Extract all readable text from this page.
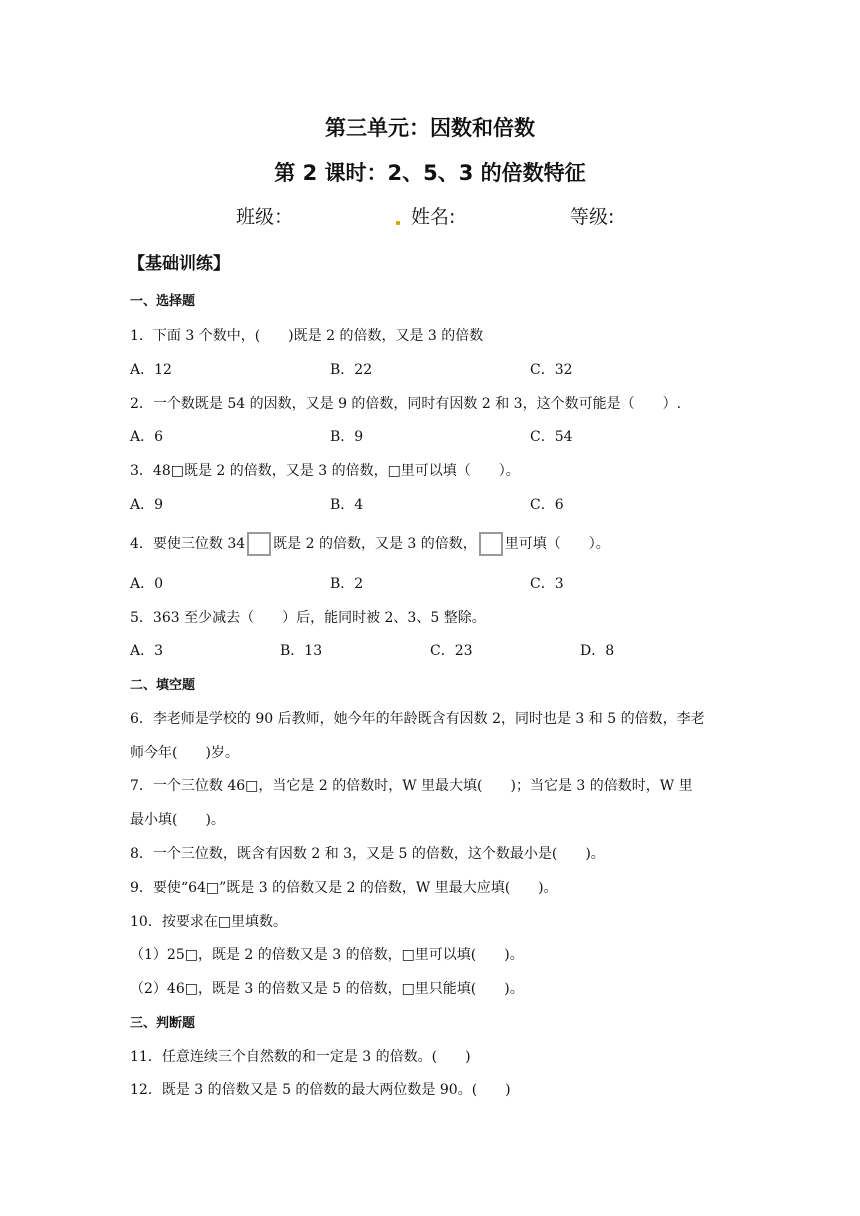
第三单元：因数和倍数
第 2 课时：2、5、3 的倍数特征
班级：	姓名:	等级:
【基础训练】
一、选择题
1．下面 3 个数中，(　　)既是 2 的倍数，又是 3 的倍数
A．12	B．22	C．32
2．一个数既是 54 的因数，又是 9 的倍数，同时有因数 2 和 3，这个数可能是（　　）.
A．6	B．9	C．54
3．48□既是 2 的倍数，又是 3 的倍数，□里可以填（　　）。
A．9	B．4	C．6
4．要使三位数 34 既是 2 的倍数，又是 3 的倍数， 里可填（　　）。
A．0	B．2	C．3
5．363 至少减去（　　）后，能同时被 2、3、5 整除。
A．3	B．13	C．23	D．8
二、填空题
6．李老师是学校的 90 后教师，她今年的年龄既含有因数 2，同时也是 3 和 5 的倍数，李老
师今年(　　)岁。
7．一个三位数 46□，当它是 2 的倍数时，W 里最大填(　　)；当它是 3 的倍数时，W 里
最小填(　　)。
8．一个三位数，既含有因数 2 和 3，又是 5 的倍数，这个数最小是(　　)。
9．要使“64□”既是 3 的倍数又是 2 的倍数，W 里最大应填(　　)。
10．按要求在□里填数。
（1）25□，既是 2 的倍数又是 3 的倍数，□里可以填(　　)。
（2）46□，既是 3 的倍数又是 5 的倍数，□里只能填(　　)。
三、判断题
11．任意连续三个自然数的和一定是 3 的倍数。(　　)
12．既是 3 的倍数又是 5 的倍数的最大两位数是 90。(　　)
